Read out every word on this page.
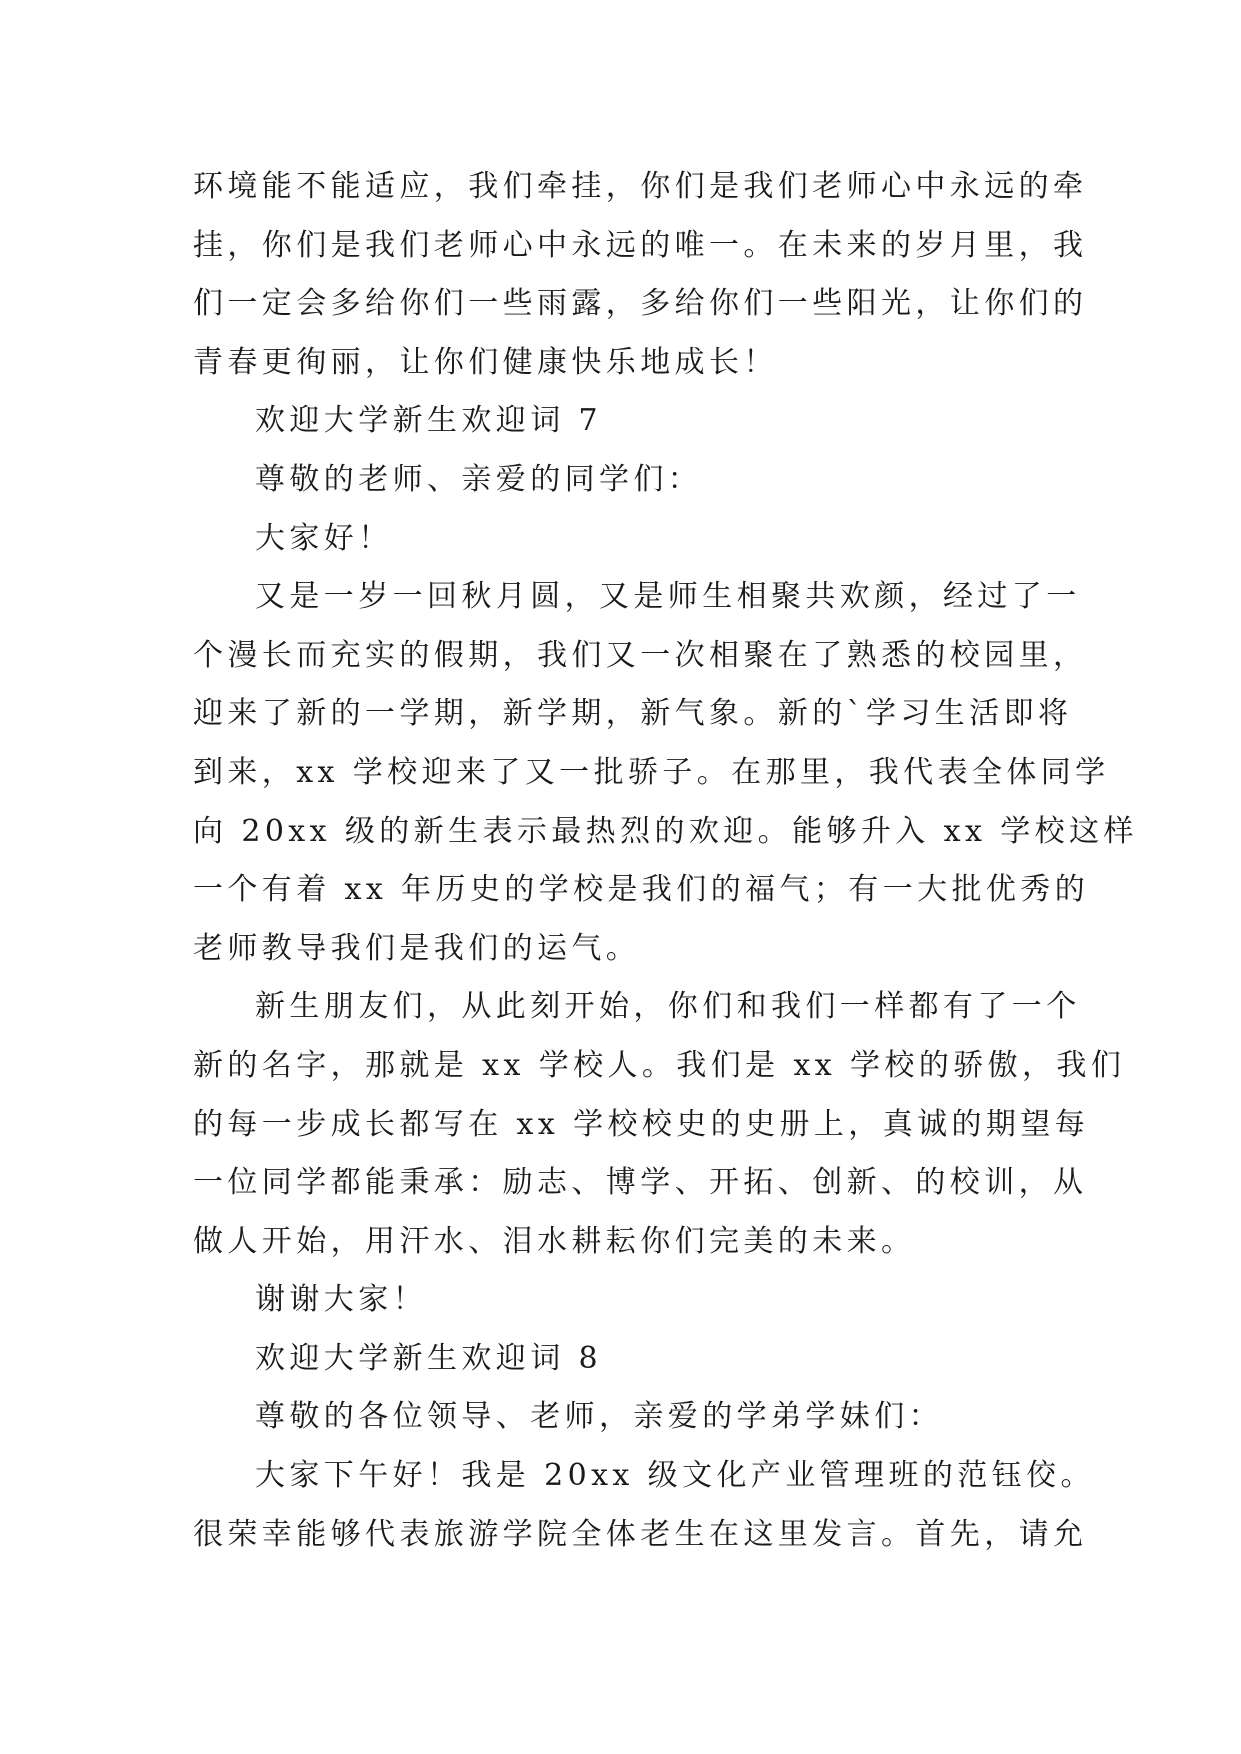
环境能不能适应，我们牵挂，你们是我们老师心中永远的牵
挂，你们是我们老师心中永远的唯一。在未来的岁月里，我
们一定会多给你们一些雨露，多给你们一些阳光，让你们的
青春更徇丽，让你们健康快乐地成长！
欢迎大学新生欢迎词 7
尊敬的老师、亲爱的同学们：
大家好！
又是一岁一回秋月圆，又是师生相聚共欢颜，经过了一
个漫长而充实的假期，我们又一次相聚在了熟悉的校园里，
迎来了新的一学期，新学期，新气象。新的`学习生活即将
到来，xx 学校迎来了又一批骄子。在那里，我代表全体同学
向 20xx 级的新生表示最热烈的欢迎。能够升入 xx 学校这样
一个有着 xx 年历史的学校是我们的福气；有一大批优秀的
老师教导我们是我们的运气。
新生朋友们，从此刻开始，你们和我们一样都有了一个
新的名字，那就是 xx 学校人。我们是 xx 学校的骄傲，我们
的每一步成长都写在 xx 学校校史的史册上，真诚的期望每
一位同学都能秉承：励志、博学、开拓、创新、的校训，从
做人开始，用汗水、泪水耕耘你们完美的未来。
谢谢大家！
欢迎大学新生欢迎词 8
尊敬的各位领导、老师，亲爱的学弟学妹们：
大家下午好！我是 20xx 级文化产业管理班的范钰佼。
很荣幸能够代表旅游学院全体老生在这里发言。首先，请允
